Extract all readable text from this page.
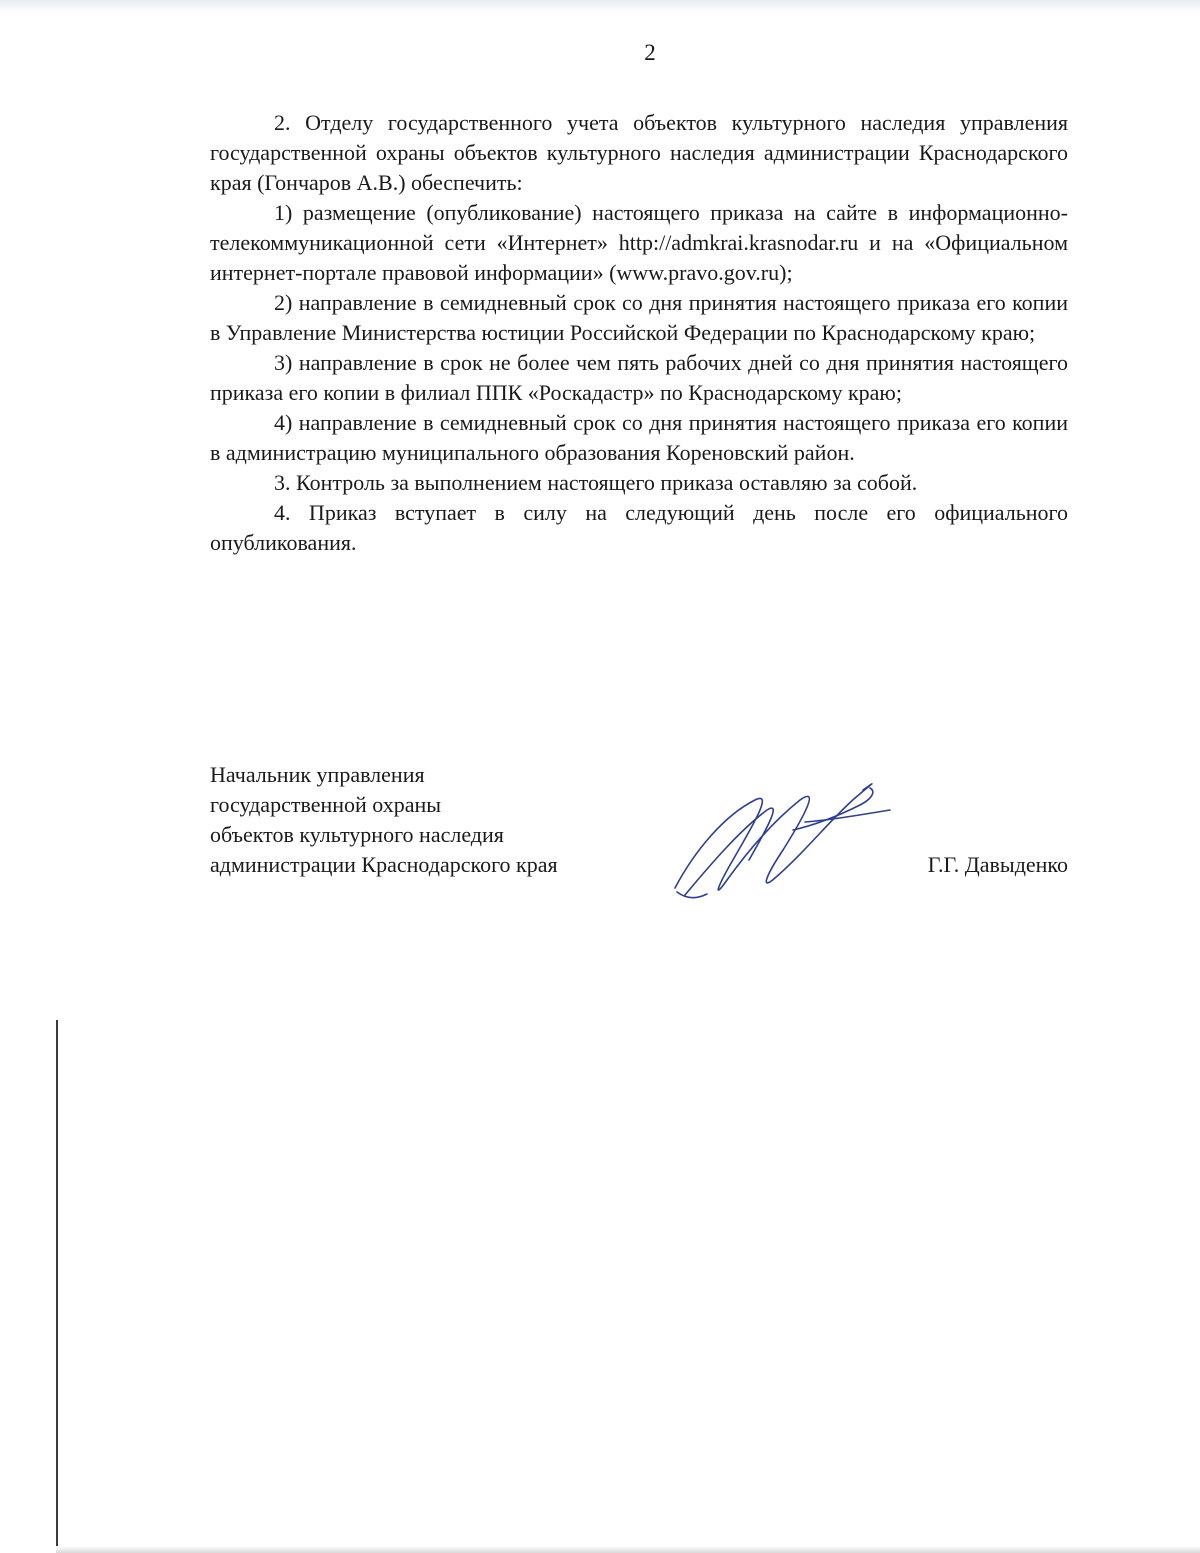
2

2. Отделу государственного учета объектов культурного наследия управления государственной охраны объектов культурного наследия администрации Краснодарского края (Гончаров А.В.) обеспечить:

1) размещение (опубликование) настоящего приказа на сайте в информационно-телекоммуникационной сети «Интернет» http://admkrai.krasnodar.ru и на «Официальном интернет-портале правовой информации» (www.pravo.gov.ru);

2) направление в семидневный срок со дня принятия настоящего приказа его копии в Управление Министерства юстиции Российской Федерации по Краснодарскому краю;

3) направление в срок не более чем пять рабочих дней со дня принятия настоящего приказа его копии в филиал ППК «Роскадастр» по Краснодарскому краю;

4) направление в семидневный срок со дня принятия настоящего приказа его копии в администрацию муниципального образования Кореновский район.

3. Контроль за выполнением настоящего приказа оставляю за собой.

4. Приказ вступает в силу на следующий день после его официального опубликования.

Начальник управления
государственной охраны
объектов культурного наследия
администрации Краснодарского края	Г.Г. Давыденко
